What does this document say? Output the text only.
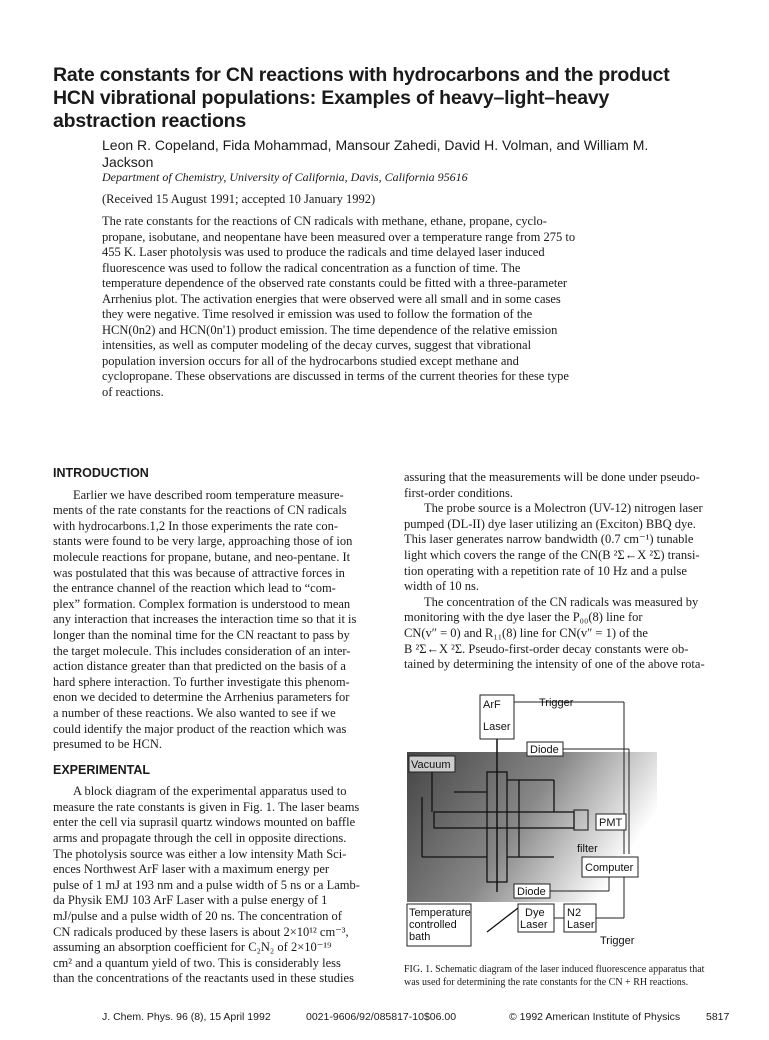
Rate constants for CN reactions with hydrocarbons and the product HCN vibrational populations: Examples of heavy–light–heavy abstraction reactions
Leon R. Copeland, Fida Mohammad, Mansour Zahedi, David H. Volman, and William M. Jackson
Department of Chemistry, University of California, Davis, California 95616
(Received 15 August 1991; accepted 10 January 1992)
The rate constants for the reactions of CN radicals with methane, ethane, propane, cyclo-
propane, isobutane, and neopentane have been measured over a temperature range from 275 to
455 K. Laser photolysis was used to produce the radicals and time delayed laser induced
fluorescence was used to follow the radical concentration as a function of time. The
temperature dependence of the observed rate constants could be fitted with a three-parameter
Arrhenius plot. The activation energies that were observed were all small and in some cases
they were negative. Time resolved ir emission was used to follow the formation of the
HCN(0n2) and HCN(0n'1) product emission. The time dependence of the relative emission
intensities, as well as computer modeling of the decay curves, suggest that vibrational
population inversion occurs for all of the hydrocarbons studied except methane and
cyclopropane. These observations are discussed in terms of the current theories for these type
of reactions.
INTRODUCTION
Earlier we have described room temperature measure-
ments of the rate constants for the reactions of CN radicals
with hydrocarbons.1,2 In those experiments the rate con-
stants were found to be very large, approaching those of ion
molecule reactions for propane, butane, and neo-pentane. It
was postulated that this was because of attractive forces in
the entrance channel of the reaction which lead to “com-
plex” formation. Complex formation is understood to mean
any interaction that increases the interaction time so that it is
longer than the nominal time for the CN reactant to pass by
the target molecule. This includes consideration of an inter-
action distance greater than that predicted on the basis of a
hard sphere interaction. To further investigate this phenom-
enon we decided to determine the Arrhenius parameters for
a number of these reactions. We also wanted to see if we
could identify the major product of the reaction which was
presumed to be HCN.
EXPERIMENTAL
A block diagram of the experimental apparatus used to
measure the rate constants is given in Fig. 1. The laser beams
enter the cell via suprasil quartz windows mounted on baffle
arms and propagate through the cell in opposite directions.
The photolysis source was either a low intensity Math Sci-
ences Northwest ArF laser with a maximum energy per
pulse of 1 mJ at 193 nm and a pulse width of 5 ns or a Lamb-
da Physik EMJ 103 ArF Laser with a pulse energy of 1
mJ/pulse and a pulse width of 20 ns. The concentration of
CN radicals produced by these lasers is about 2×10¹² cm⁻³,
assuming an absorption coefficient for C₂N₂ of 2×10⁻¹⁹
cm² and a quantum yield of two. This is considerably less
than the concentrations of the reactants used in these studies
assuring that the measurements will be done under pseudo-
first-order conditions.
The probe source is a Molectron (UV-12) nitrogen laser
pumped (DL-II) dye laser utilizing an (Exciton) BBQ dye.
This laser generates narrow bandwidth (0.7 cm⁻¹) tunable
light which covers the range of the CN(B ²Σ←X ²Σ) transi-
tion operating with a repetition rate of 10 Hz and a pulse
width of 10 ns.
The concentration of the CN radicals was measured by
monitoring with the dye laser the P₀₀(8) line for
CN(v″ = 0) and R₁₁(8) line for CN(v″ = 1) of the
B ²Σ←X ²Σ. Pseudo-first-order decay constants were ob-
tained by determining the intensity of one of the above rota-
ArF
Laser
Trigger
Diode
Vacuum
PMT
filter
Computer
Diode
Temperature
controlled
bath
Dye
Laser
N2
Laser
Trigger
FIG. 1. Schematic diagram of the laser induced fluorescence apparatus that
was used for determining the rate constants for the CN + RH reactions.
J. Chem. Phys. 96 (8), 15 April 1992	0021-9606/92/085817-10$06.00	© 1992 American Institute of Physics 5817
